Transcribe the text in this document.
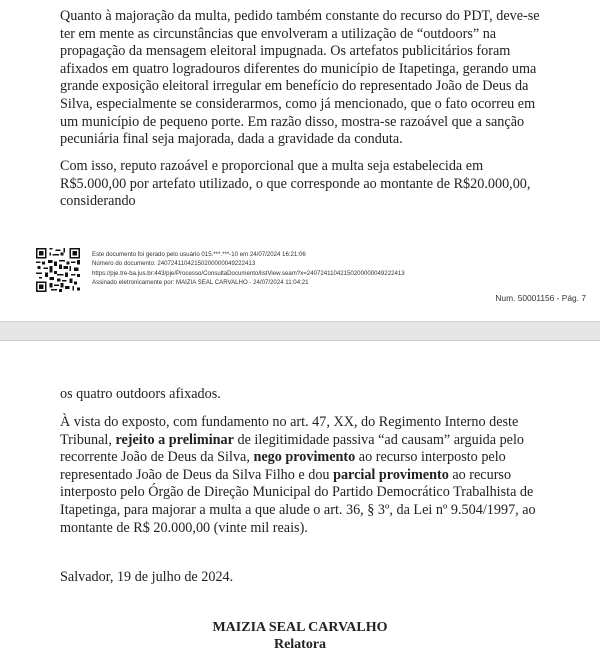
Quanto à majoração da multa, pedido também constante do recurso do PDT, deve-se ter em mente as circunstâncias que envolveram a utilização de “outdoors” na propagação da mensagem eleitoral impugnada. Os artefatos publicitários foram afixados em quatro logradouros diferentes do município de Itapetinga, gerando uma grande exposição eleitoral irregular em benefício do representado João de Deus da Silva, especialmente se considerarmos, como já mencionado, que o fato ocorreu em um município de pequeno porte. Em razão disso, mostra-se razoável que a sanção pecuniária final seja majorada, dada a gravidade da conduta.

Com isso, reputo razoável e proporcional que a multa seja estabelecida em R$5.000,00 por artefato utilizado, o que corresponde ao montante de R$20.000,00, considerando

Este documento foi gerado pelo usuário 015.***.***-10 em 24/07/2024 16:21:06
Número do documento: 24072411042150200000049222413
https://pje.tre-ba.jus.br:443/pje/Processo/ConsultaDocumento/listView.seam?x=24072411042150200000049222413
Assinado eletronicamente por: MAIZIA SEAL CARVALHO - 24/07/2024 11:04:21
Num. 50001156 - Pág. 7

os quatro outdoors afixados.

À vista do exposto, com fundamento no art. 47, XX, do Regimento Interno deste Tribunal, rejeito a preliminar de ilegitimidade passiva “ad causam” arguida pelo recorrente João de Deus da Silva, nego provimento ao recurso interposto pelo representado João de Deus da Silva Filho e dou parcial provimento ao recurso interposto pelo Órgão de Direção Municipal do Partido Democrático Trabalhista de Itapetinga, para majorar a multa a que alude o art. 36, § 3º, da Lei nº 9.504/1997, ao montante de R$ 20.000,00 (vinte mil reais).

Salvador, 19 de julho de 2024.

MAIZIA SEAL CARVALHO
Relatora
